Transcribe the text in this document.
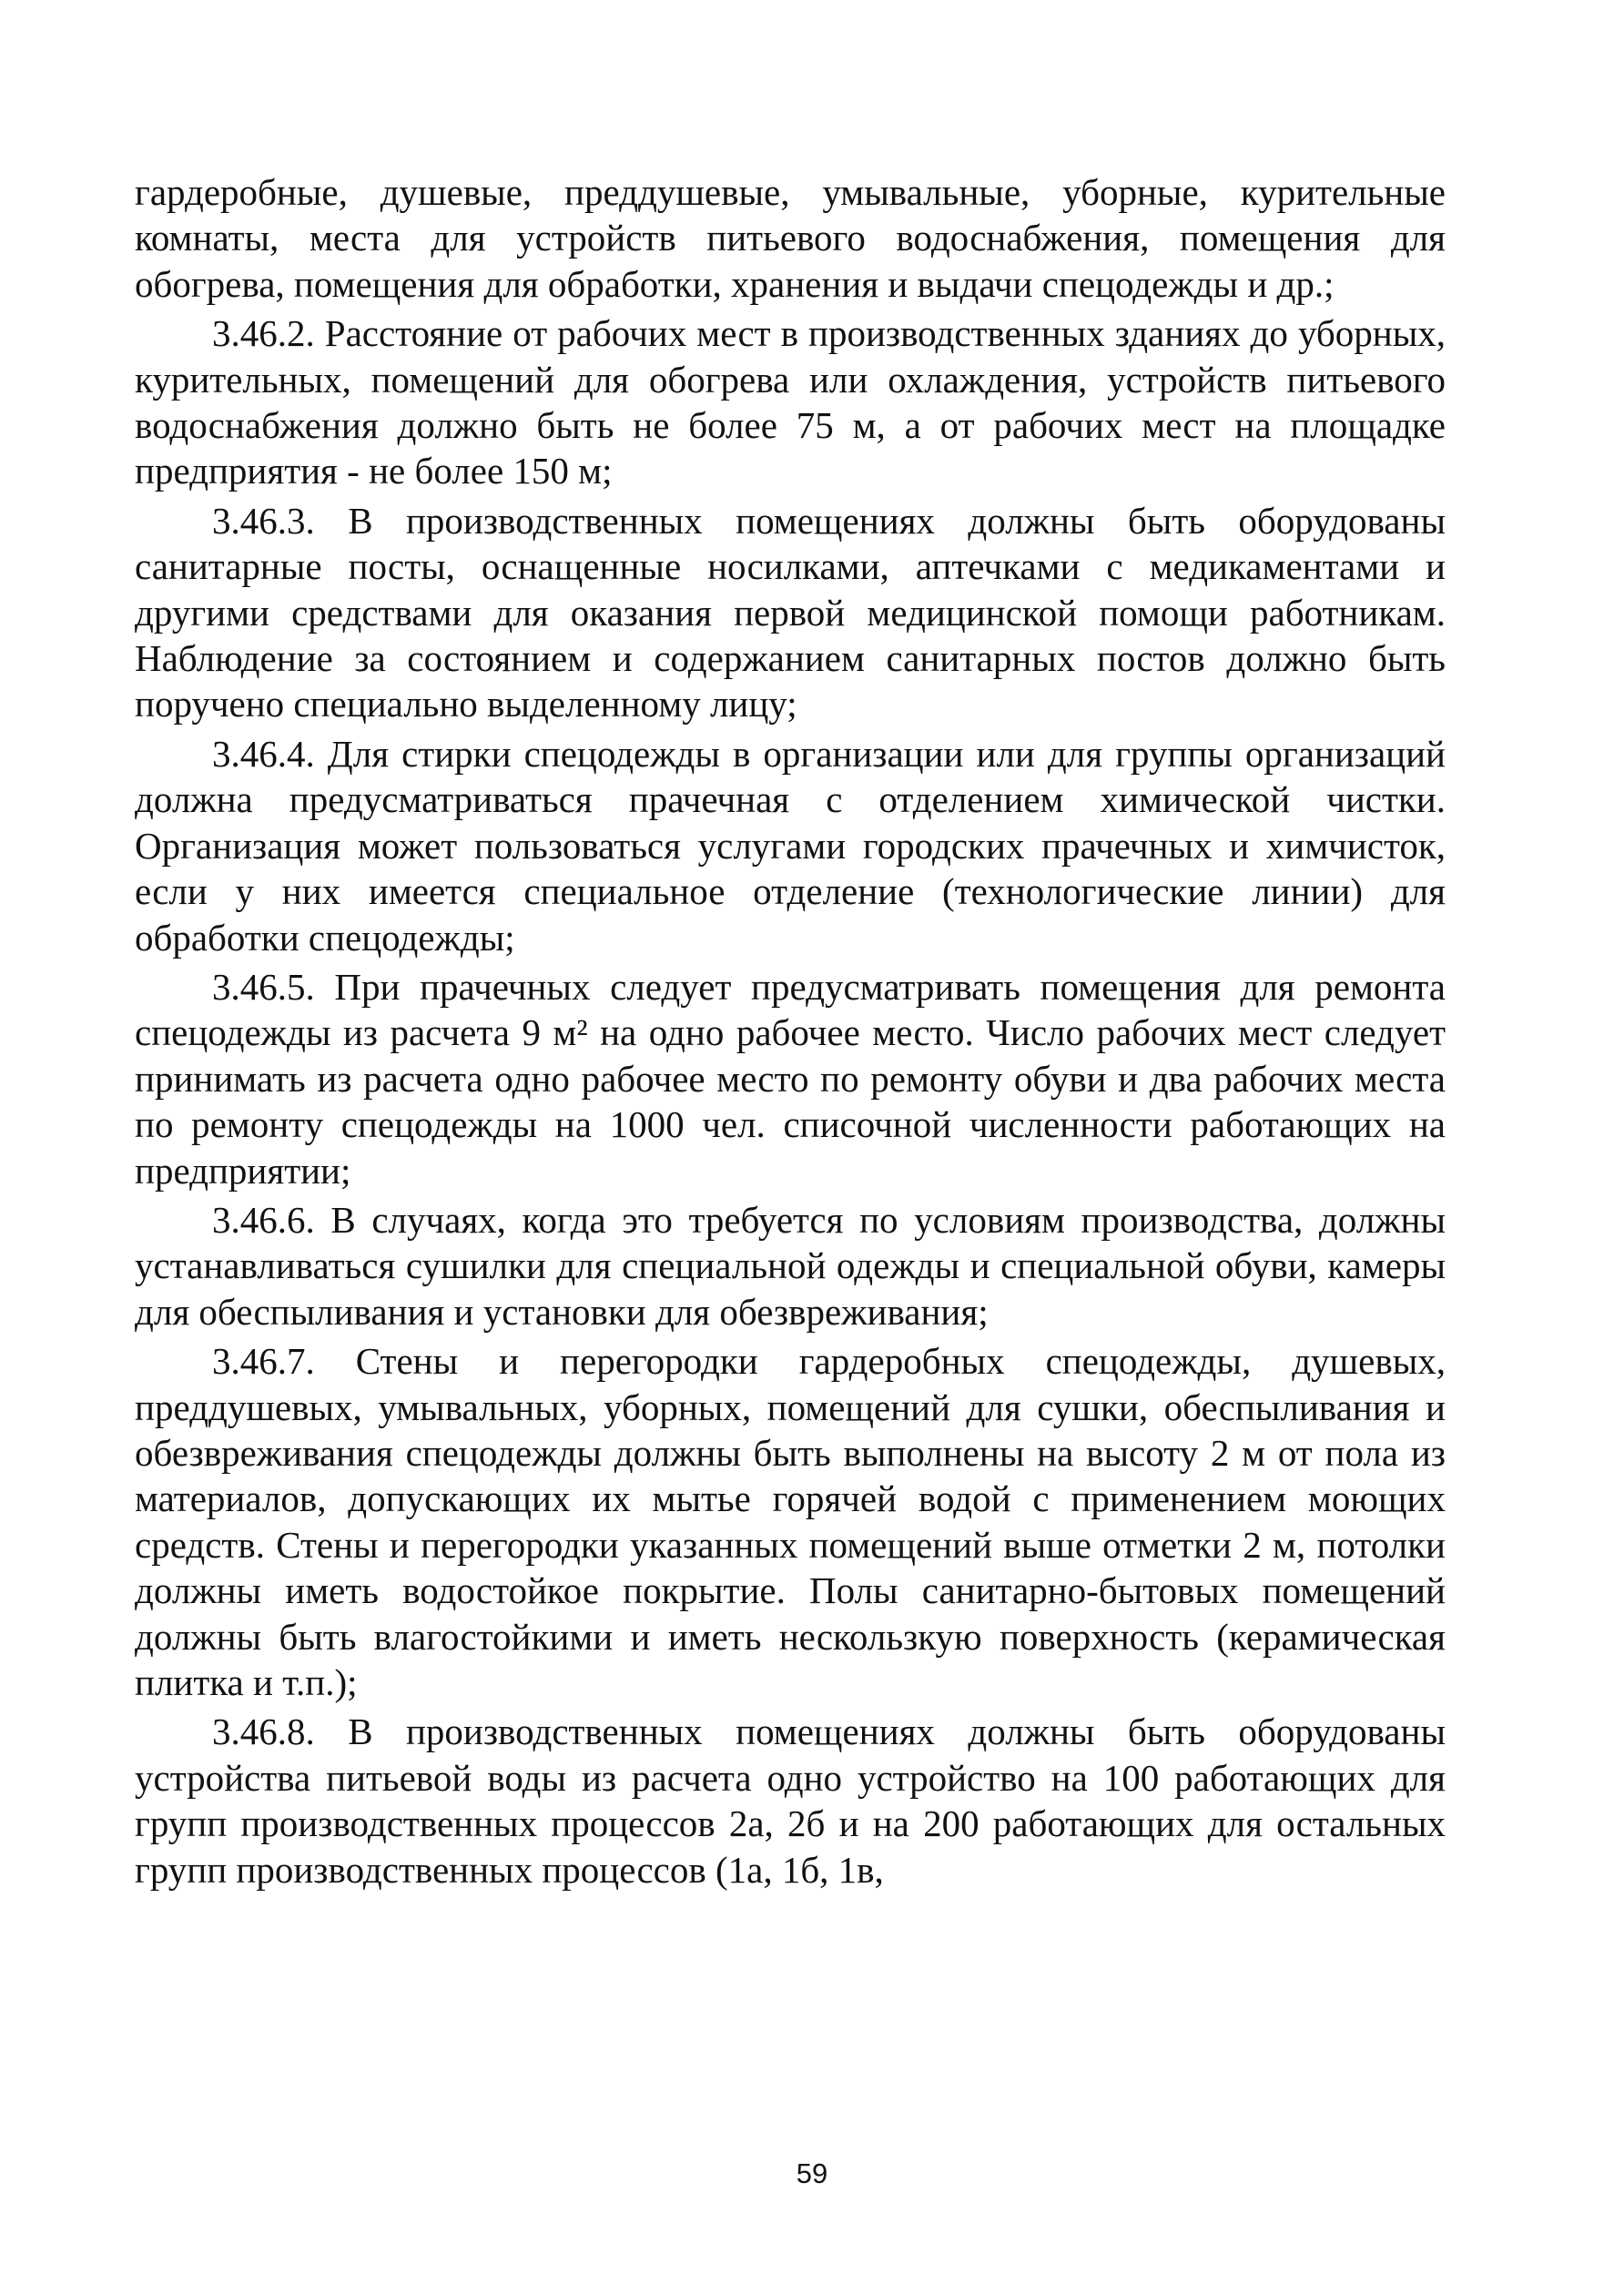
гардеробные, душевые, преддушевые, умывальные, уборные, курительные комнаты, места для устройств питьевого водоснабжения, помещения для обогрева, помещения для обработки, хранения и выдачи спецодежды и др.;

3.46.2. Расстояние от рабочих мест в производственных зданиях до уборных, курительных, помещений для обогрева или охлаждения, устройств питьевого водоснабжения должно быть не более 75 м, а от рабочих мест на площадке предприятия - не более 150 м;

3.46.3. В производственных помещениях должны быть оборудованы санитарные посты, оснащенные носилками, аптечками с медикаментами и другими средствами для оказания первой медицинской помощи работникам. Наблюдение за состоянием и содержанием санитарных постов должно быть поручено специально выделенному лицу;

3.46.4. Для стирки спецодежды в организации или для группы организаций должна предусматриваться прачечная с отделением химической чистки. Организация может пользоваться услугами городских прачечных и химчисток, если у них имеется специальное отделение (технологические линии) для обработки спецодежды;

3.46.5. При прачечных следует предусматривать помещения для ремонта спецодежды из расчета 9 м² на одно рабочее место. Число рабочих мест следует принимать из расчета одно рабочее место по ремонту обуви и два рабочих места по ремонту спецодежды на 1000 чел. списочной численности работающих на предприятии;

3.46.6. В случаях, когда это требуется по условиям производства, должны устанавливаться сушилки для специальной одежды и специальной обуви, камеры для обеспыливания и установки для обезвреживания;

3.46.7. Стены и перегородки гардеробных спецодежды, душевых, преддушевых, умывальных, уборных, помещений для сушки, обеспыливания и обезвреживания спецодежды должны быть выполнены на высоту 2 м от пола из материалов, допускающих их мытье горячей водой с применением моющих средств. Стены и перегородки указанных помещений выше отметки 2 м, потолки должны иметь водостойкое покрытие. Полы санитарно-бытовых помещений должны быть влагостойкими и иметь нескользкую поверхность (керамическая плитка и т.п.);

3.46.8. В производственных помещениях должны быть оборудованы устройства питьевой воды из расчета одно устройство на 100 работающих для групп производственных процессов 2а, 2б и на 200 работающих для остальных групп производственных процессов (1а, 1б, 1в,

59
